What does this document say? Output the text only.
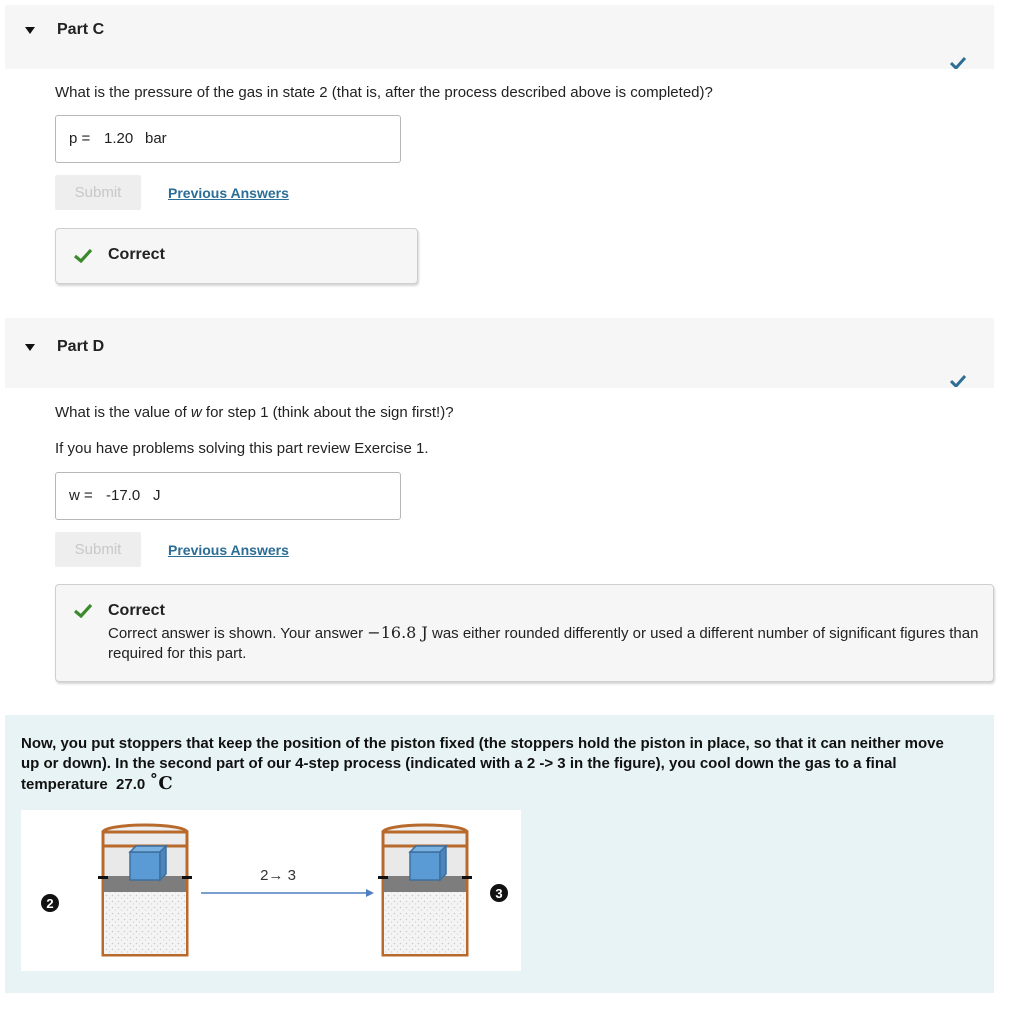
Part C
What is the pressure of the gas in state 2 (that is, after the process described above is completed)?
p = 1.20 bar
Submit	Previous Answers
Correct
Part D
What is the value of w for step 1 (think about the sign first!)?
If you have problems solving this part review Exercise 1.
w = -17.0 J
Submit	Previous Answers
Correct
Correct answer is shown. Your answer −16.8 J was either rounded differently or used a different number of significant figures than required for this part.
Now, you put stoppers that keep the position of the piston fixed (the stoppers hold the piston in place, so that it can neither move up or down). In the second part of our 4-step process (indicated with a 2 -> 3 in the figure), you cool down the gas to a final temperature 27.0 ˚C
2
2→ 3
3
